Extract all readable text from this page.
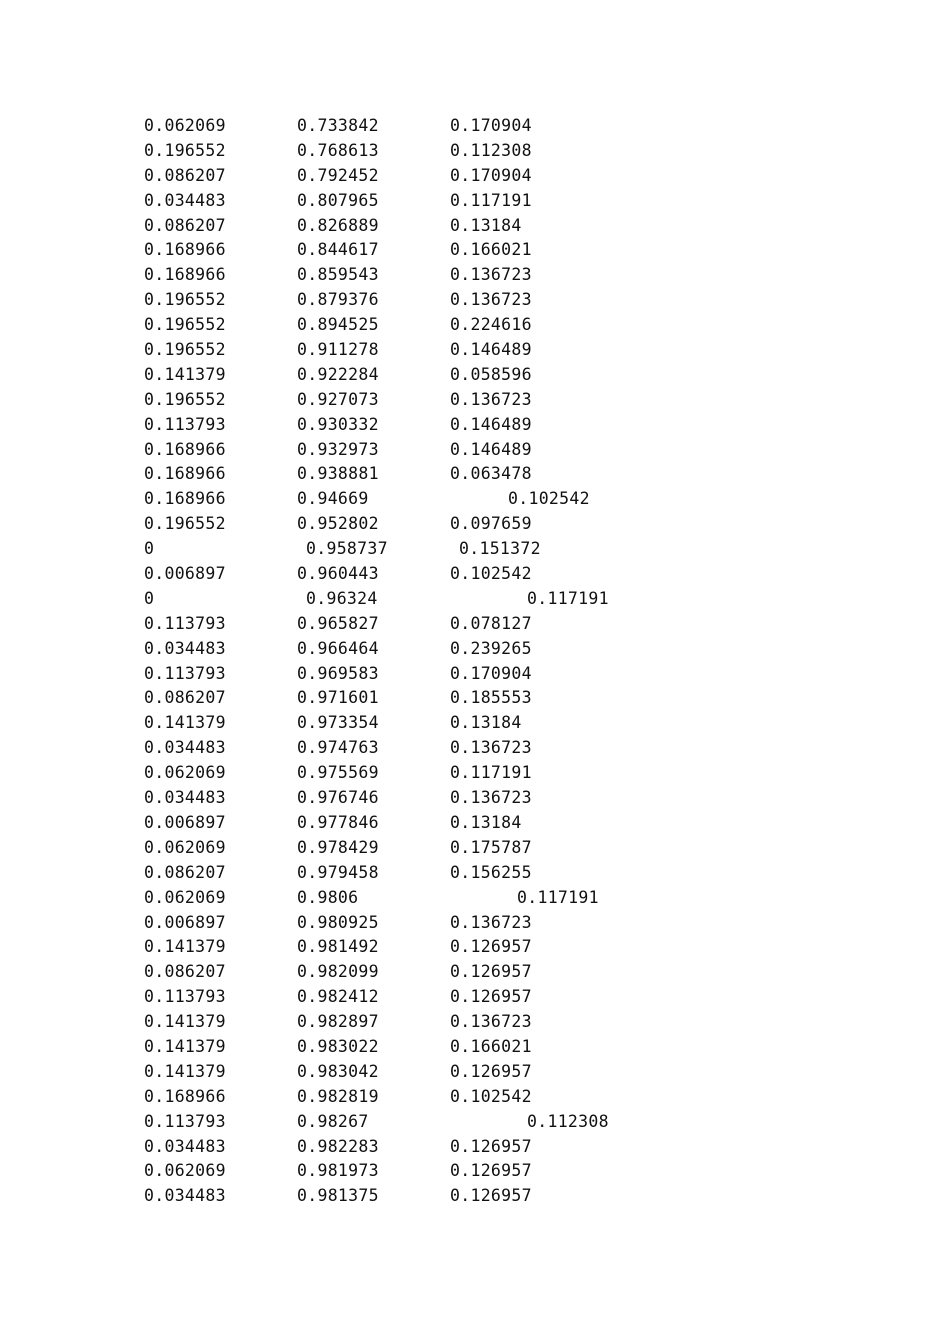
0.062069	0.733842	0.170904
0.196552	0.768613	0.112308
0.086207	0.792452	0.170904
0.034483	0.807965	0.117191
0.086207	0.826889	0.13184
0.168966	0.844617	0.166021
0.168966	0.859543	0.136723
0.196552	0.879376	0.136723
0.196552	0.894525	0.224616
0.196552	0.911278	0.146489
0.141379	0.922284	0.058596
0.196552	0.927073	0.136723
0.113793	0.930332	0.146489
0.168966	0.932973	0.146489
0.168966	0.938881	0.063478
0.168966	0.94669	0.102542
0.196552	0.952802	0.097659
0	0.958737	0.151372
0.006897	0.960443	0.102542
0	0.96324	0.117191
0.113793	0.965827	0.078127
0.034483	0.966464	0.239265
0.113793	0.969583	0.170904
0.086207	0.971601	0.185553
0.141379	0.973354	0.13184
0.034483	0.974763	0.136723
0.062069	0.975569	0.117191
0.034483	0.976746	0.136723
0.006897	0.977846	0.13184
0.062069	0.978429	0.175787
0.086207	0.979458	0.156255
0.062069	0.9806	0.117191
0.006897	0.980925	0.136723
0.141379	0.981492	0.126957
0.086207	0.982099	0.126957
0.113793	0.982412	0.126957
0.141379	0.982897	0.136723
0.141379	0.983022	0.166021
0.141379	0.983042	0.126957
0.168966	0.982819	0.102542
0.113793	0.98267	0.112308
0.034483	0.982283	0.126957
0.062069	0.981973	0.126957
0.034483	0.981375	0.126957
